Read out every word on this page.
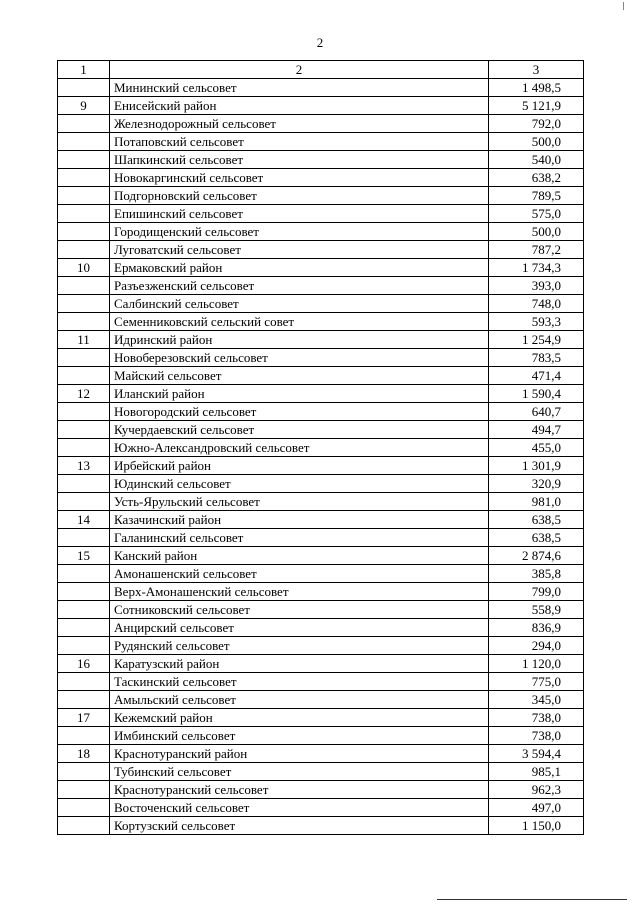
2
1	2	3
	Мининский сельсовет	1 498,5
9	Енисейский район	5 121,9
	Железнодорожный сельсовет	792,0
	Потаповский сельсовет	500,0
	Шапкинский сельсовет	540,0
	Новокаргинский сельсовет	638,2
	Подгорновский сельсовет	789,5
	Епишинский сельсовет	575,0
	Городищенский сельсовет	500,0
	Луговатский сельсовет	787,2
10	Ермаковский район	1 734,3
	Разъезженский сельсовет	393,0
	Салбинский сельсовет	748,0
	Семенниковский сельский совет	593,3
11	Идринский район	1 254,9
	Новоберезовский сельсовет	783,5
	Майский сельсовет	471,4
12	Иланский район	1 590,4
	Новогородский сельсовет	640,7
	Кучердаевский сельсовет	494,7
	Южно-Александровский сельсовет	455,0
13	Ирбейский район	1 301,9
	Юдинский сельсовет	320,9
	Усть-Ярульский сельсовет	981,0
14	Казачинский район	638,5
	Галанинский сельсовет	638,5
15	Канский район	2 874,6
	Амонашенский сельсовет	385,8
	Верх-Амонашенский сельсовет	799,0
	Сотниковский сельсовет	558,9
	Анцирский сельсовет	836,9
	Рудянский сельсовет	294,0
16	Каратузский район	1 120,0
	Таскинский сельсовет	775,0
	Амыльский сельсовет	345,0
17	Кежемский район	738,0
	Имбинский сельсовет	738,0
18	Краснотуранский район	3 594,4
	Тубинский сельсовет	985,1
	Краснотуранский сельсовет	962,3
	Восточенский сельсовет	497,0
	Кортузский сельсовет	1 150,0
